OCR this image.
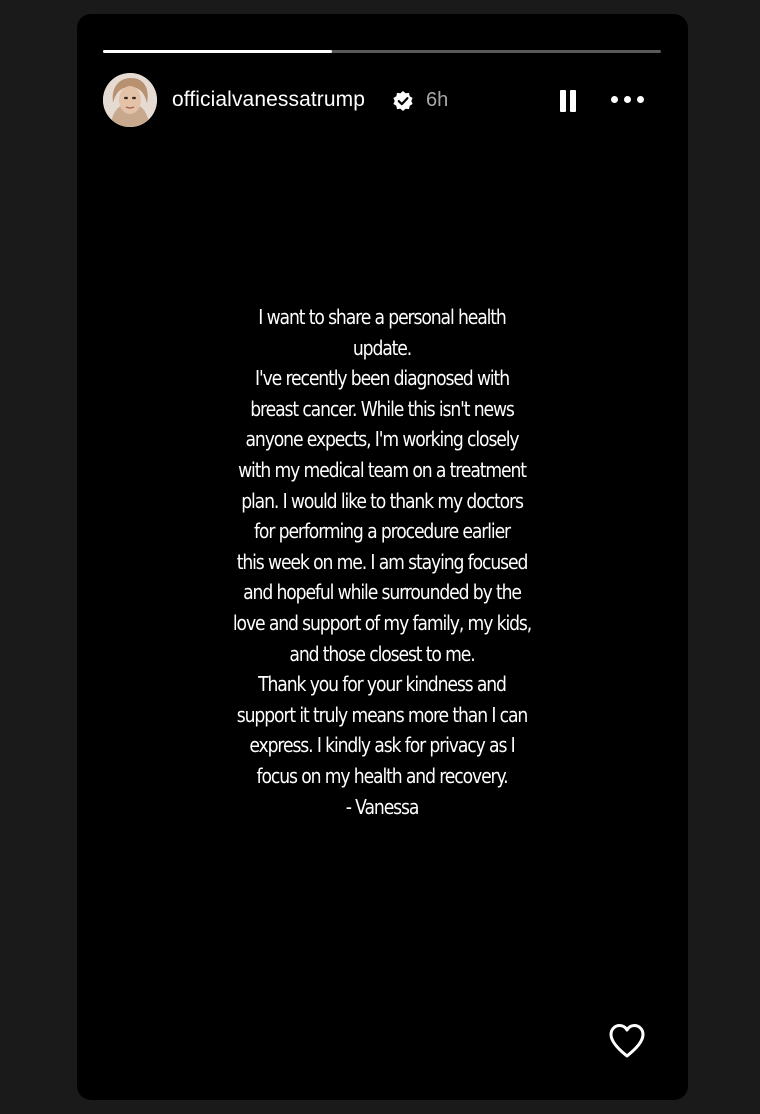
officialvanessatrump	6h

I want to share a personal health
update.
I've recently been diagnosed with
breast cancer. While this isn't news
anyone expects, I'm working closely
with my medical team on a treatment
plan. I would like to thank my doctors
for performing a procedure earlier
this week on me. I am staying focused
and hopeful while surrounded by the
love and support of my family, my kids,
and those closest to me.
Thank you for your kindness and
support it truly means more than I can
express. I kindly ask for privacy as I
focus on my health and recovery.
- Vanessa
